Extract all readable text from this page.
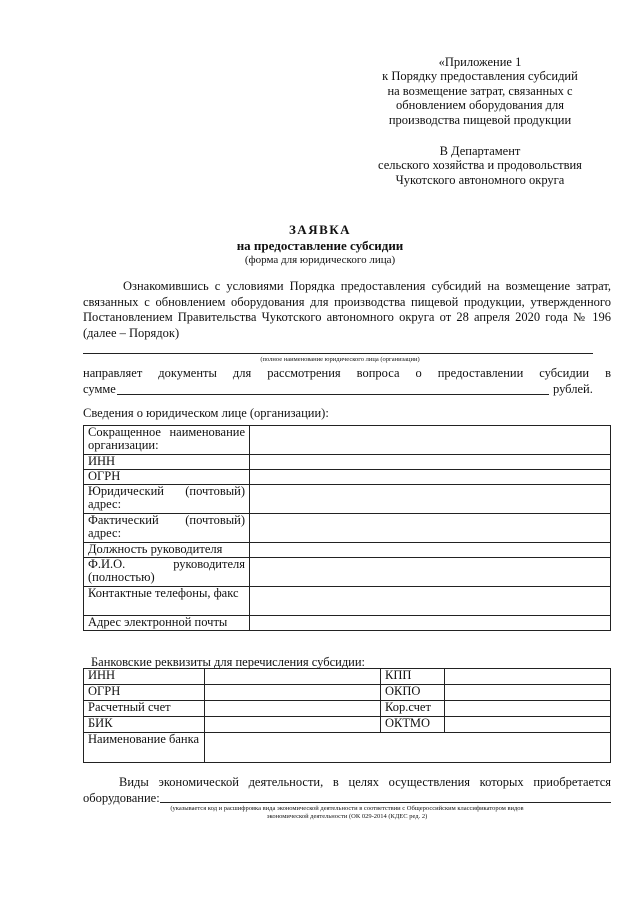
«Приложение 1
к Порядку предоставления субсидий
на возмещение затрат, связанных с
обновлением оборудования для
производства пищевой продукции
В Департамент
сельского хозяйства и продовольствия
Чукотского автономного округа
ЗАЯВКА
на предоставление субсидии
(форма для юридического лица)
Ознакомившись с условиями Порядка предоставления субсидий на возмещение затрат, связанных с обновлением оборудования для производства пищевой продукции, утвержденного Постановлением Правительства Чукотского автономного округа от 28 апреля 2020 года № 196 (далее – Порядок)
(полное наименование юридического лица (организации)
направляет документы для рассмотрения вопроса о предоставлении субсидии в
сумме	рублей.
Сведения о юридическом лице (организации):
Сокращенное наименование организации:	
ИНН	
ОГРН	
Юридический (почтовый) адрес:	
Фактический (почтовый) адрес:	
Должность руководителя	
Ф.И.О. руководителя (полностью)	
Контактные телефоны, факс	
Адрес электронной почты	
Банковские реквизиты для перечисления субсидии:
ИНН		КПП	
ОГРН		ОКПО	
Расчетный счет		Кор.счет	
БИК		ОКТМО	
Наименование банка			
Виды экономической деятельности, в целях осуществления которых приобретается оборудование:
(указывается код и расшифровка вида экономической деятельности в соответствии с Общероссийским классификатором видов
экономической деятельности (ОК 029-2014 (КДЕС ред. 2)
